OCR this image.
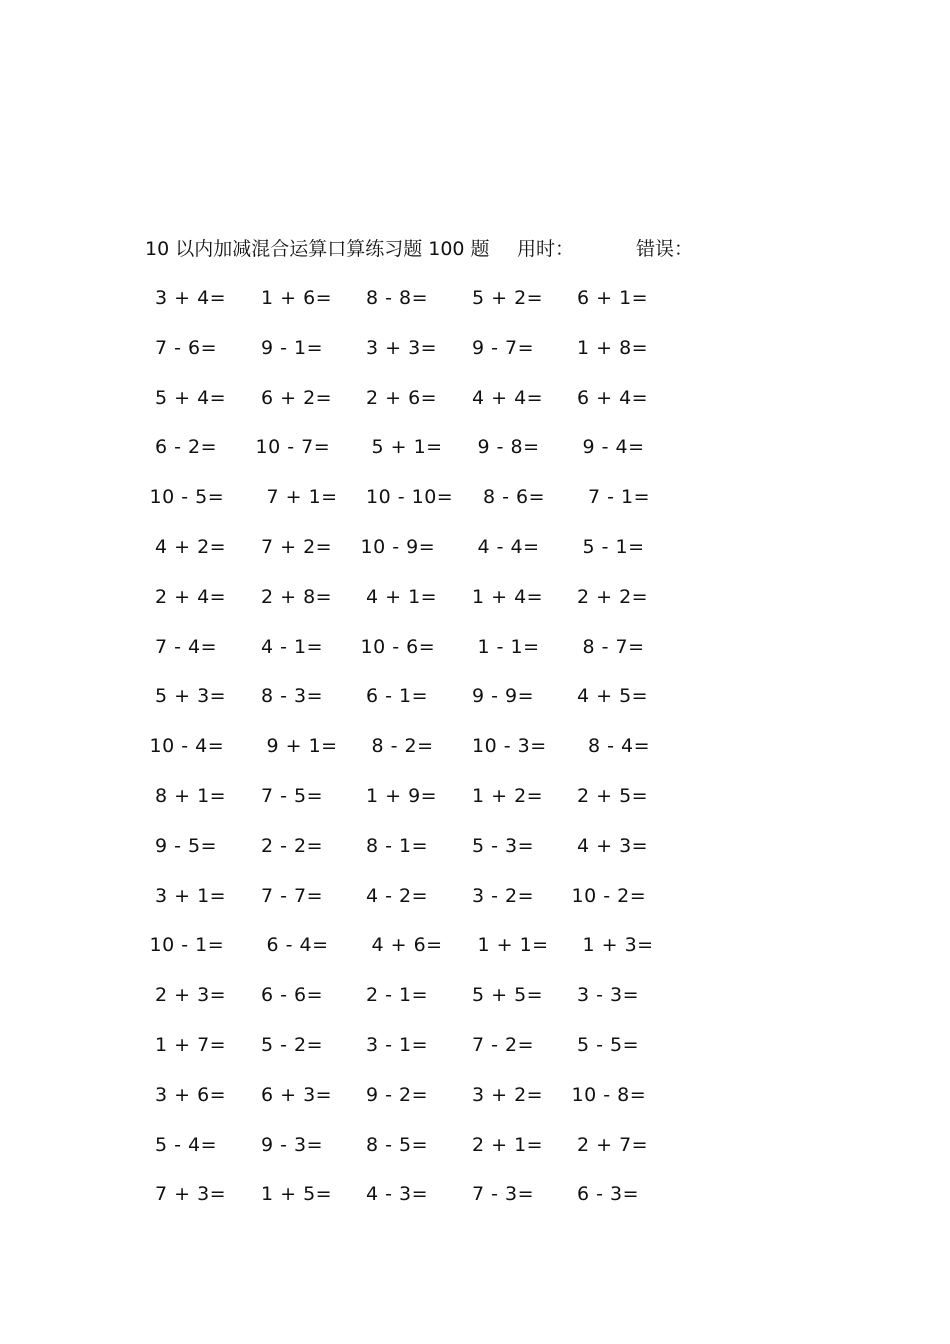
10 以内加减混合运算口算练习题 100 题 用时：	错误：
3 + 4= 1 + 6= 8 - 8= 5 + 2= 6 + 1=
7 - 6= 9 - 1= 3 + 3= 9 - 7= 1 + 8=
5 + 4= 6 + 2= 2 + 6= 4 + 4= 6 + 4=
6 - 2= 10 - 7= 5 + 1= 9 - 8= 9 - 4=
10 - 5= 7 + 1= 10 - 10= 8 - 6= 7 - 1=
4 + 2= 7 + 2= 10 - 9= 4 - 4= 5 - 1=
2 + 4= 2 + 8= 4 + 1= 1 + 4= 2 + 2=
7 - 4= 4 - 1= 10 - 6= 1 - 1= 8 - 7=
5 + 3= 8 - 3= 6 - 1= 9 - 9= 4 + 5=
10 - 4= 9 + 1= 8 - 2= 10 - 3= 8 - 4=
8 + 1= 7 - 5= 1 + 9= 1 + 2= 2 + 5=
9 - 5= 2 - 2= 8 - 1= 5 - 3= 4 + 3=
3 + 1= 7 - 7= 4 - 2= 3 - 2= 10 - 2=
10 - 1= 6 - 4= 4 + 6= 1 + 1= 1 + 3=
2 + 3= 6 - 6= 2 - 1= 5 + 5= 3 - 3=
1 + 7= 5 - 2= 3 - 1= 7 - 2= 5 - 5=
3 + 6= 6 + 3= 9 - 2= 3 + 2= 10 - 8=
5 - 4= 9 - 3= 8 - 5= 2 + 1= 2 + 7=
7 + 3= 1 + 5= 4 - 3= 7 - 3= 6 - 3=
